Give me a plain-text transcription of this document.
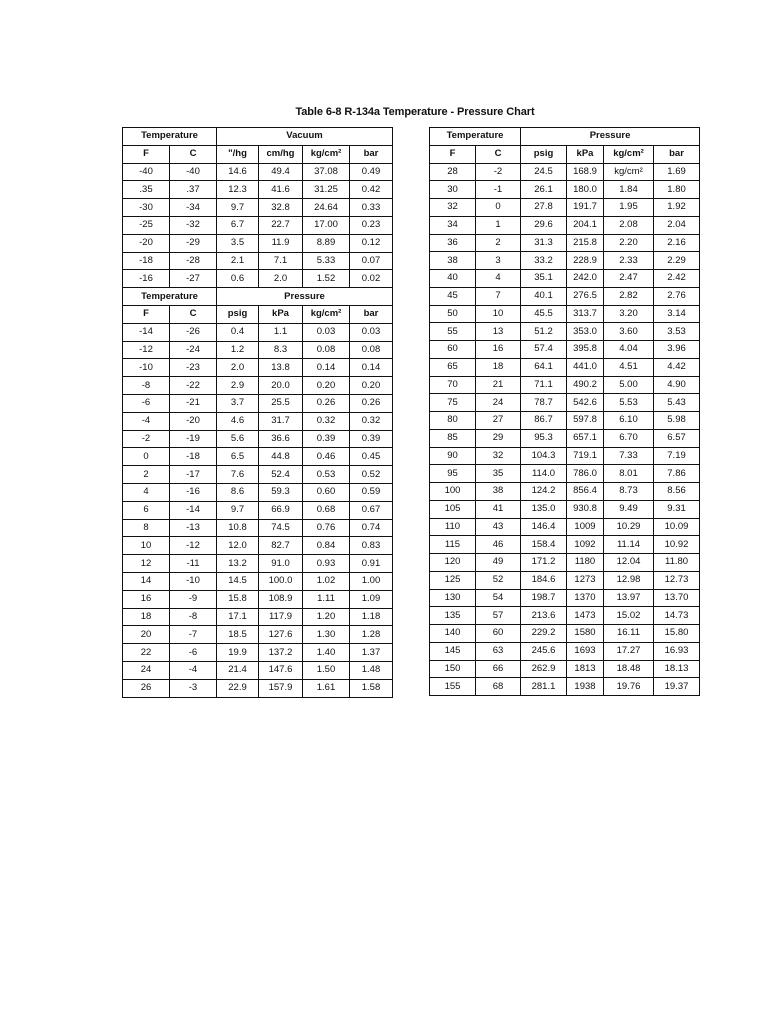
Table 6-8 R-134a Temperature - Pressure Chart
Temperature		Vacuum			
F	C	"/hg	cm/hg	kg/cm²	bar
-40	-40	14.6	49.4	37.08	0.49
.35	.37	12.3	41.6	31.25	0.42
-30	-34	9.7	32.8	24.64	0.33
-25	-32	6.7	22.7	17.00	0.23
-20	-29	3.5	11.9	8.89	0.12
-18	-28	2.1	7.1	5.33	0.07
-16	-27	0.6	2.0	1.52	0.02
Temperature		Pressure			
F	C	psig	kPa	kg/cm²	bar
-14	-26	0.4	1.1	0.03	0.03
-12	-24	1.2	8.3	0.08	0.08
-10	-23	2.0	13.8	0.14	0.14
-8	-22	2.9	20.0	0.20	0.20
-6	-21	3.7	25.5	0.26	0.26
-4	-20	4.6	31.7	0.32	0.32
-2	-19	5.6	36.6	0.39	0.39
0	-18	6.5	44.8	0.46	0.45
2	-17	7.6	52.4	0.53	0.52
4	-16	8.6	59.3	0.60	0.59
6	-14	9.7	66.9	0.68	0.67
8	-13	10.8	74.5	0.76	0.74
10	-12	12.0	82.7	0.84	0.83
12	-11	13.2	91.0	0.93	0.91
14	-10	14.5	100.0	1.02	1.00
16	-9	15.8	108.9	1.11	1.09
18	-8	17.1	117.9	1.20	1.18
20	-7	18.5	127.6	1.30	1.28
22	-6	19.9	137.2	1.40	1.37
24	-4	21.4	147.6	1.50	1.48
26	-3	22.9	157.9	1.61	1.58
Temperature		Pressure			
F	C	psig	kPa	kg/cm²	bar
28	-2	24.5	168.9	kg/cm²	1.69
30	-1	26.1	180.0	1.84	1.80
32	0	27.8	191.7	1.95	1.92
34	1	29.6	204.1	2.08	2.04
36	2	31.3	215.8	2.20	2.16
38	3	33.2	228.9	2.33	2.29
40	4	35.1	242.0	2.47	2.42
45	7	40.1	276.5	2.82	2.76
50	10	45.5	313.7	3.20	3.14
55	13	51.2	353.0	3.60	3.53
60	16	57.4	395.8	4.04	3.96
65	18	64.1	441.0	4.51	4.42
70	21	71.1	490.2	5.00	4.90
75	24	78.7	542.6	5.53	5.43
80	27	86.7	597.8	6.10	5.98
85	29	95.3	657.1	6.70	6.57
90	32	104.3	719.1	7.33	7.19
95	35	114.0	786.0	8.01	7.86
100	38	124.2	856.4	8.73	8.56
105	41	135.0	930.8	9.49	9.31
110	43	146.4	1009	10.29	10.09
115	46	158.4	1092	11.14	10.92
120	49	171.2	1180	12.04	11.80
125	52	184.6	1273	12.98	12.73
130	54	198.7	1370	13.97	13.70
135	57	213.6	1473	15.02	14.73
140	60	229.2	1580	16.11	15.80
145	63	245.6	1693	17.27	16.93
150	66	262.9	1813	18.48	18.13
155	68	281.1	1938	19.76	19.37
